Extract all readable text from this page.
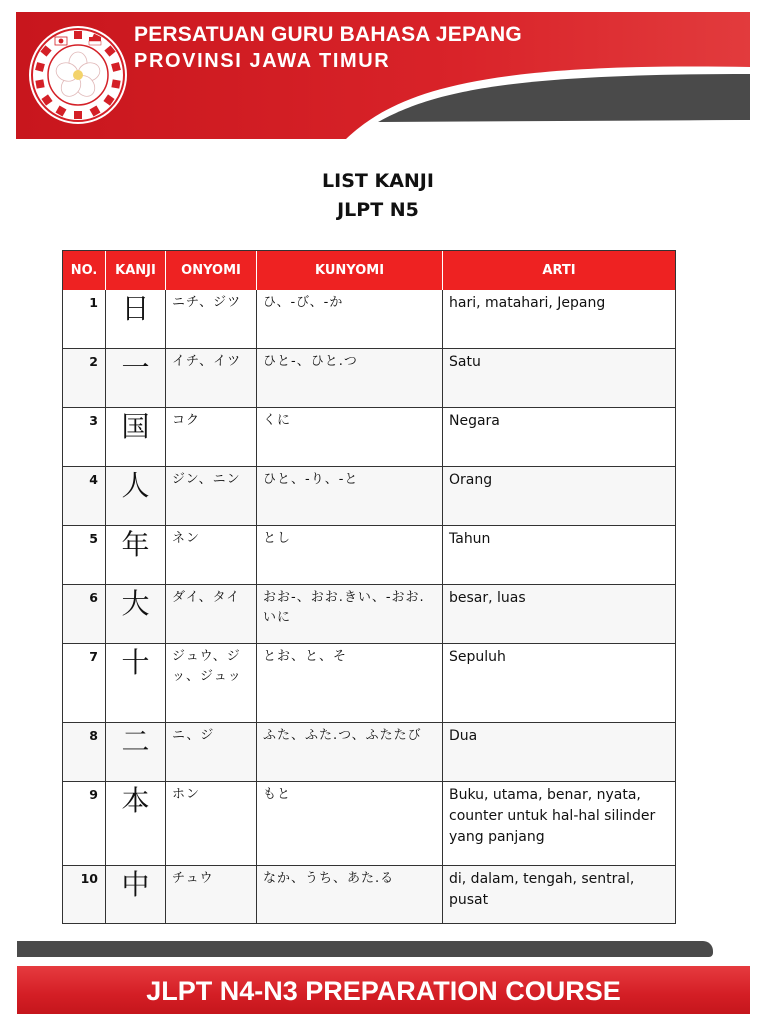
PERSATUAN GURU BAHASA JEPANG
PROVINSI JAWA TIMUR
LIST KANJI
JLPT N5
NO.	KANJI	ONYOMI	KUNYOMI	ARTI
1	日	ニチ、ジツ	ひ、-び、-か	hari, matahari, Jepang
2	一	イチ、イツ	ひと-、ひと.つ	Satu
3	国	コク	くに	Negara
4	人	ジン、ニン	ひと、-り、-と	Orang
5	年	ネン	とし	Tahun
6	大	ダイ、タイ	おお-、おお.きい、-おお.いに	besar, luas
7	十	ジュウ、ジッ、ジュッ	とお、と、そ	Sepuluh
8	二	ニ、ジ	ふた、ふた.つ、ふたたび	Dua
9	本	ホン	もと	Buku, utama, benar, nyata, counter untuk hal-hal silinder yang panjang
10	中	チュウ	なか、うち、あた.る	di, dalam, tengah, sentral, pusat
JLPT N4-N3 PREPARATION COURSE
